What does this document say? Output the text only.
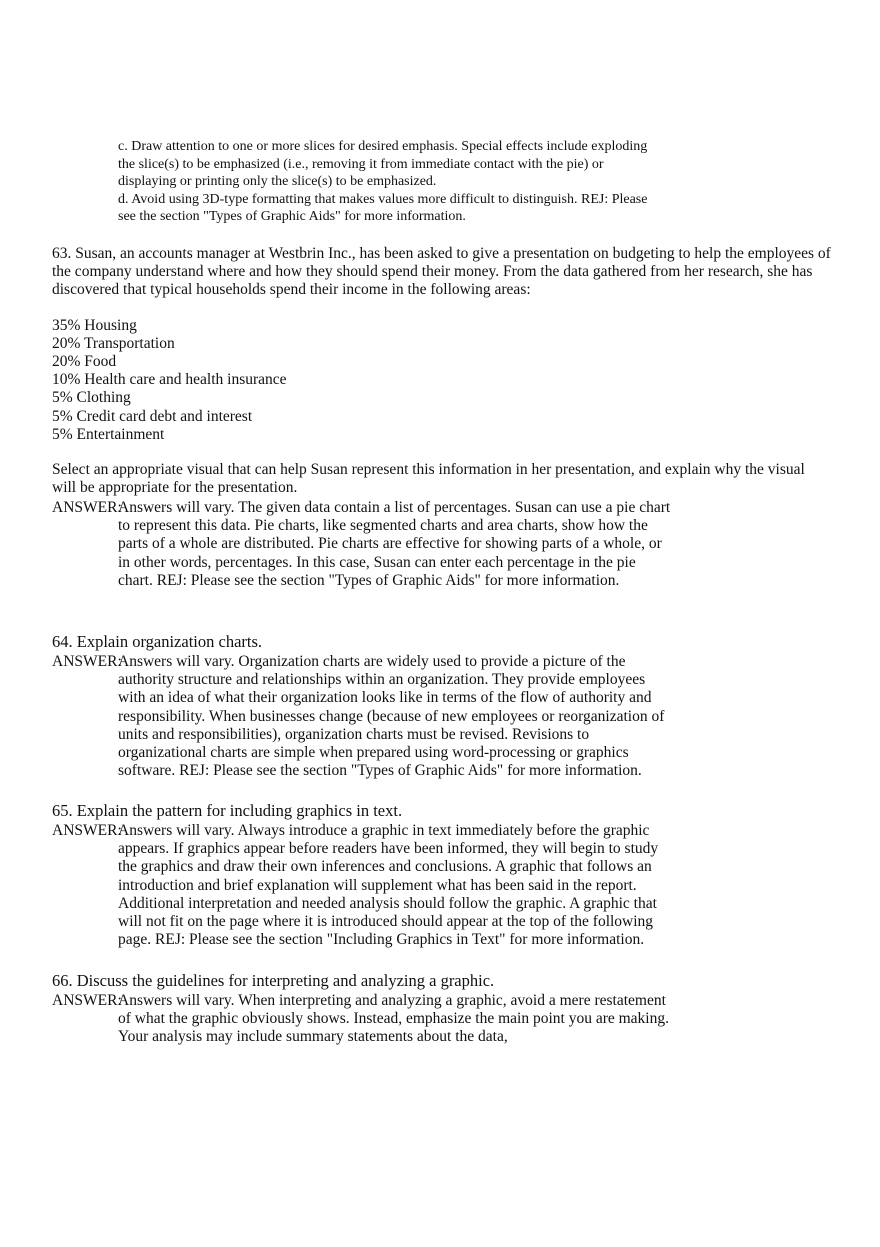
c. Draw attention to one or more slices for desired emphasis. Special effects include exploding the slice(s) to be emphasized (i.e., removing it from immediate contact with the pie) or displaying or printing only the slice(s) to be emphasized.

d. Avoid using 3D-type formatting that makes values more difficult to distinguish. REJ: Please see the section "Types of Graphic Aids" for more information.

63. Susan, an accounts manager at Westbrin Inc., has been asked to give a presentation on budgeting to help the employees of the company understand where and how they should spend their money. From the data gathered from her research, she has discovered that typical households spend their income in the following areas:

35% Housing
20% Transportation
20% Food
10% Health care and health insurance
5% Clothing
5% Credit card debt and interest
5% Entertainment

Select an appropriate visual that can help Susan represent this information in her presentation, and explain why the visual will be appropriate for the presentation.

ANSWER:
Answers will vary. The given data contain a list of percentages. Susan can use a pie chart to represent this data. Pie charts, like segmented charts and area charts, show how the parts of a whole are distributed. Pie charts are effective for showing parts of a whole, or in other words, percentages. In this case, Susan can enter each percentage in the pie chart. REJ: Please see the section "Types of Graphic Aids" for more information.
64. Explain organization charts.
ANSWER:
Answers will vary. Organization charts are widely used to provide a picture of the authority structure and relationships within an organization. They provide employees with an idea of what their organization looks like in terms of the flow of authority and responsibility. When businesses change (because of new employees or reorganization of units and responsibilities), organization charts must be revised. Revisions to organizational charts are simple when prepared using word-processing or graphics software. REJ: Please see the section "Types of Graphic Aids" for more information.
65. Explain the pattern for including graphics in text.
ANSWER:
Answers will vary. Always introduce a graphic in text immediately before the graphic appears. If graphics appear before readers have been informed, they will begin to study the graphics and draw their own inferences and conclusions. A graphic that follows an introduction and brief explanation will supplement what has been said in the report. Additional interpretation and needed analysis should follow the graphic. A graphic that will not fit on the page where it is introduced should appear at the top of the following page. REJ: Please see the section "Including Graphics in Text" for more information.
66. Discuss the guidelines for interpreting and analyzing a graphic.
ANSWER:
Answers will vary. When interpreting and analyzing a graphic, avoid a mere restatement of what the graphic obviously shows. Instead, emphasize the main point you are making. Your analysis may include summary statements about the data,
